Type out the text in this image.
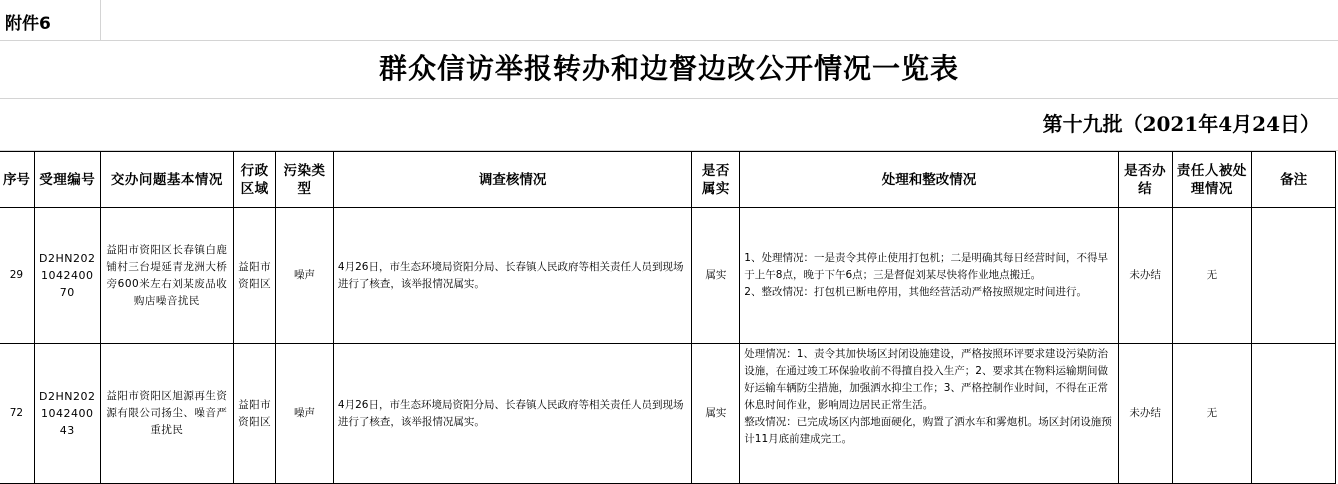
附件6
群众信访举报转办和边督边改公开情况一览表
第十九批（2021年4月24日）
序号	受理编号	交办问题基本情况	行政区域	污染类型	调查核情况	是否属实	处理和整改情况	是否办结	责任人被处理情况	备注
29	D2HN202104240070	益阳市资阳区长春镇白鹿铺村三台堤延青龙洲大桥旁600米左右刘某废品收购店噪音扰民	益阳市资阳区	噪声	4月26日，市生态环境局资阳分局、长春镇人民政府等相关责任人员到现场进行了核查，该举报情况属实。	属实	1、处理情况：一是责令其停止使用打包机；二是明确其每日经营时间，不得早于上午8点，晚于下午6点；三是督促刘某尽快将作业地点搬迁。
2、整改情况：打包机已断电停用，其他经营活动严格按照规定时间进行。	未办结	无	
72	D2HN202104240043	益阳市资阳区旭源再生资源有限公司扬尘、噪音严重扰民	益阳市资阳区	噪声	4月26日，市生态环境局资阳分局、长春镇人民政府等相关责任人员到现场进行了核查，该举报情况属实。	属实	处理情况：1、责令其加快场区封闭设施建设，严格按照环评要求建设污染防治设施，在通过竣工环保验收前不得擅自投入生产；2、要求其在物料运输期间做好运输车辆防尘措施，加强洒水抑尘工作；3、严格控制作业时间，不得在正常休息时间作业，影响周边居民正常生活。
整改情况：已完成场区内部地面硬化，购置了洒水车和雾炮机。场区封闭设施预计11月底前建成完工。	未办结	无	
